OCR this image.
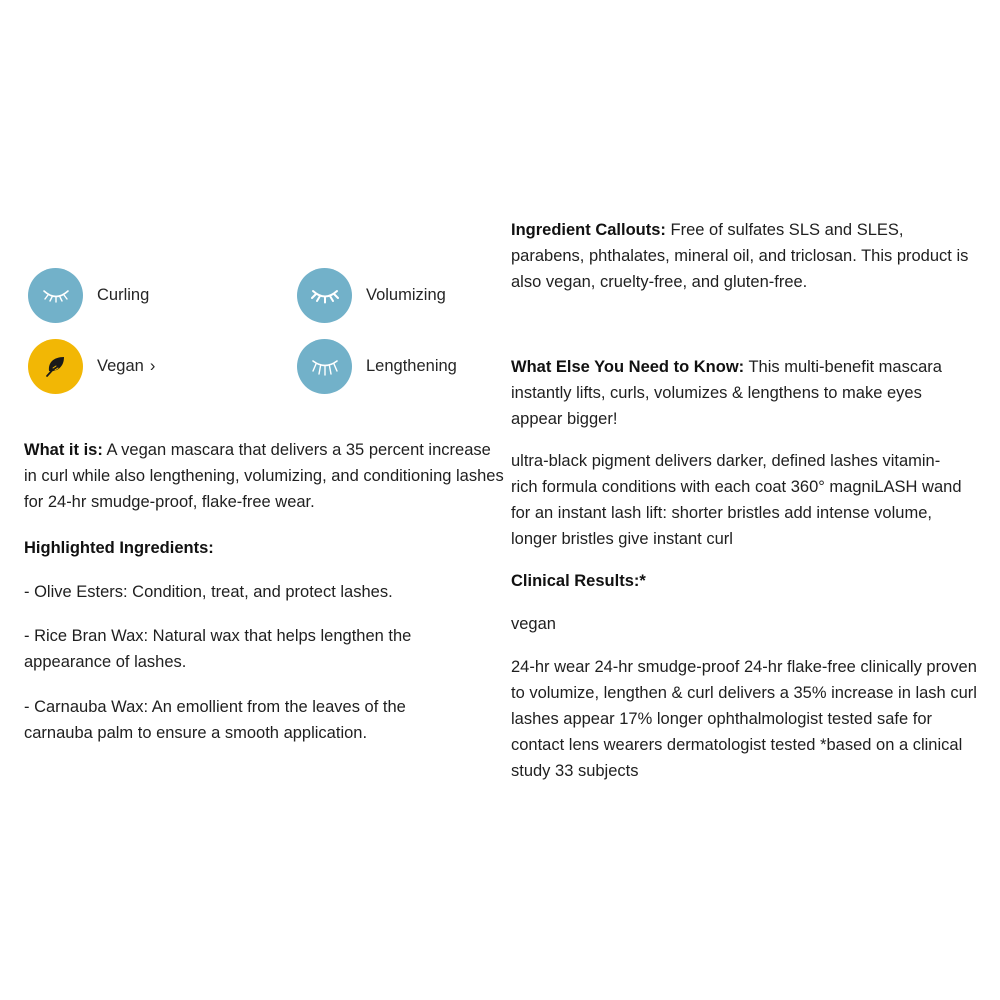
Curling	Volumizing
Vegan ›	Lengthening

What it is: A vegan mascara that delivers a 35 percent increase in curl while also lengthening, volumizing, and conditioning lashes for 24-hr smudge-proof, flake-free wear.

Highlighted Ingredients:

- Olive Esters: Condition, treat, and protect lashes.

- Rice Bran Wax: Natural wax that helps lengthen the appearance of lashes.

- Carnauba Wax: An emollient from the leaves of the carnauba palm to ensure a smooth application.

Ingredient Callouts: Free of sulfates SLS and SLES, parabens, phthalates, mineral oil, and triclosan. This product is also vegan, cruelty-free, and gluten-free.

What Else You Need to Know: This multi-benefit mascara instantly lifts, curls, volumizes & lengthens to make eyes appear bigger!

ultra-black pigment delivers darker, defined lashes vitamin-rich formula conditions with each coat 360° magniLASH wand for an instant lash lift: shorter bristles add intense volume, longer bristles give instant curl

Clinical Results:*

vegan

24-hr wear 24-hr smudge-proof 24-hr flake-free clinically proven to volumize, lengthen & curl delivers a 35% increase in lash curl lashes appear 17% longer ophthalmologist tested safe for contact lens wearers dermatologist tested *based on a clinical study 33 subjects
